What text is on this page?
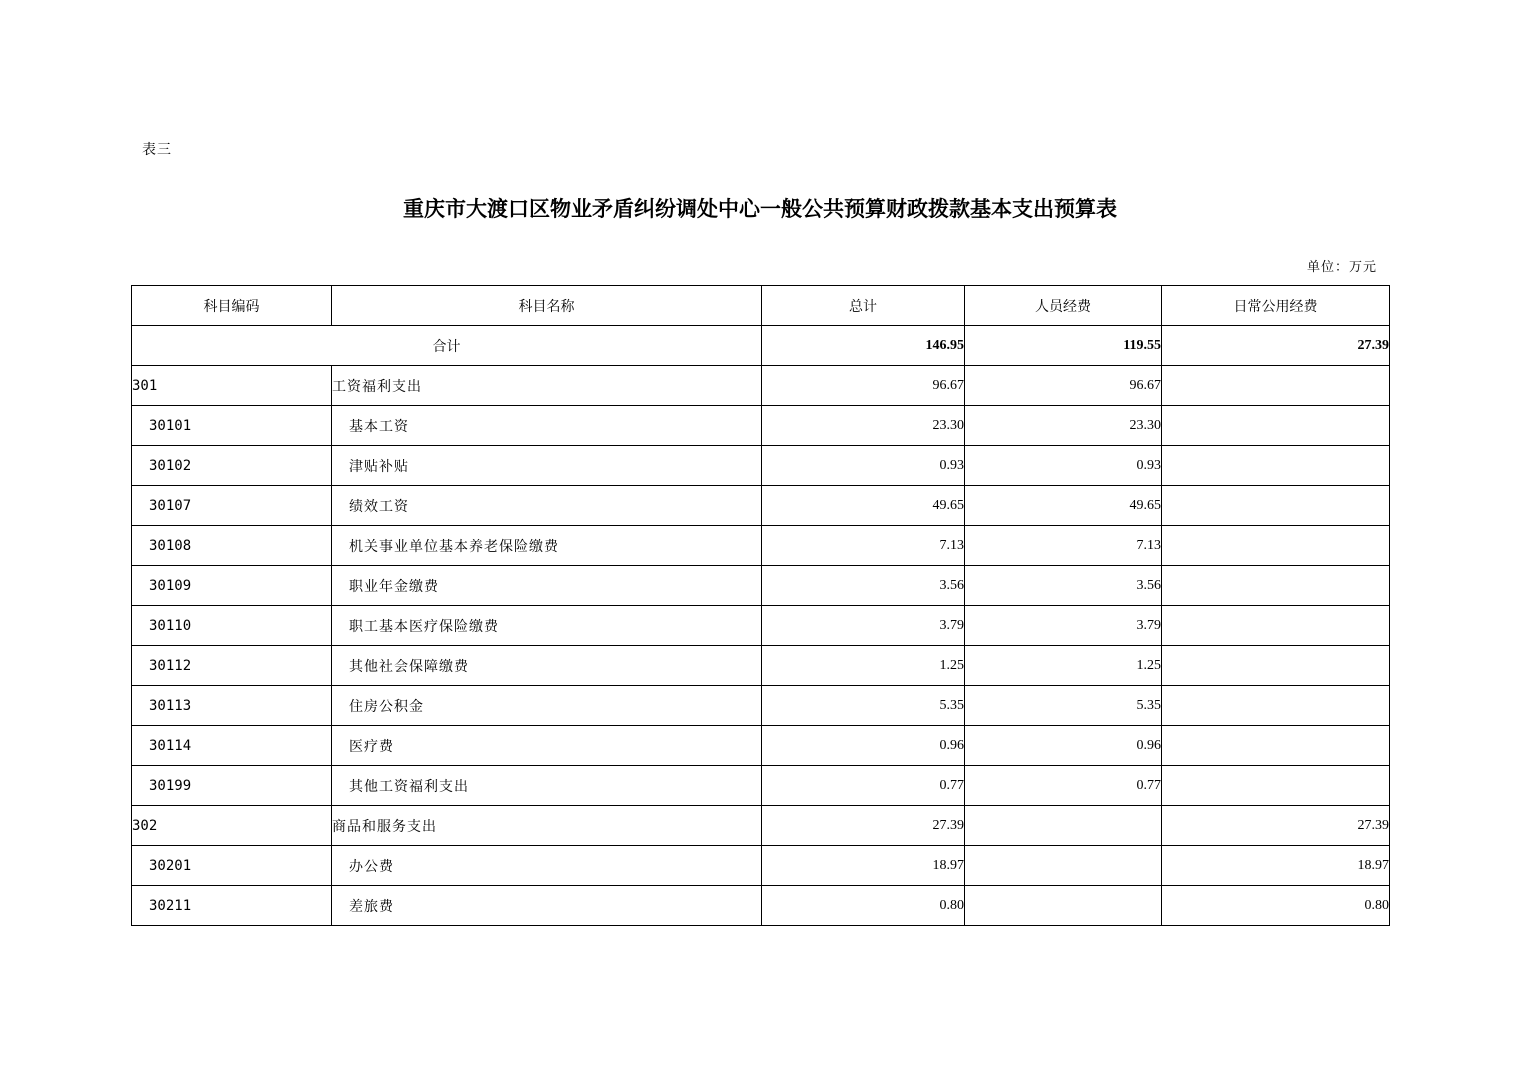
表三
重庆市大渡口区物业矛盾纠纷调处中心一般公共预算财政拨款基本支出预算表
单位：万元
科目编码	科目名称	总计	人员经费	日常公用经费
合计		146.95	119.55	27.39
301	工资福利支出	96.67	96.67	
30101	基本工资	23.30	23.30	
30102	津贴补贴	0.93	0.93	
30107	绩效工资	49.65	49.65	
30108	机关事业单位基本养老保险缴费	7.13	7.13	
30109	职业年金缴费	3.56	3.56	
30110	职工基本医疗保险缴费	3.79	3.79	
30112	其他社会保障缴费	1.25	1.25	
30113	住房公积金	5.35	5.35	
30114	医疗费	0.96	0.96	
30199	其他工资福利支出	0.77	0.77	
302	商品和服务支出	27.39		27.39
30201	办公费	18.97		18.97
30211	差旅费	0.80		0.80
